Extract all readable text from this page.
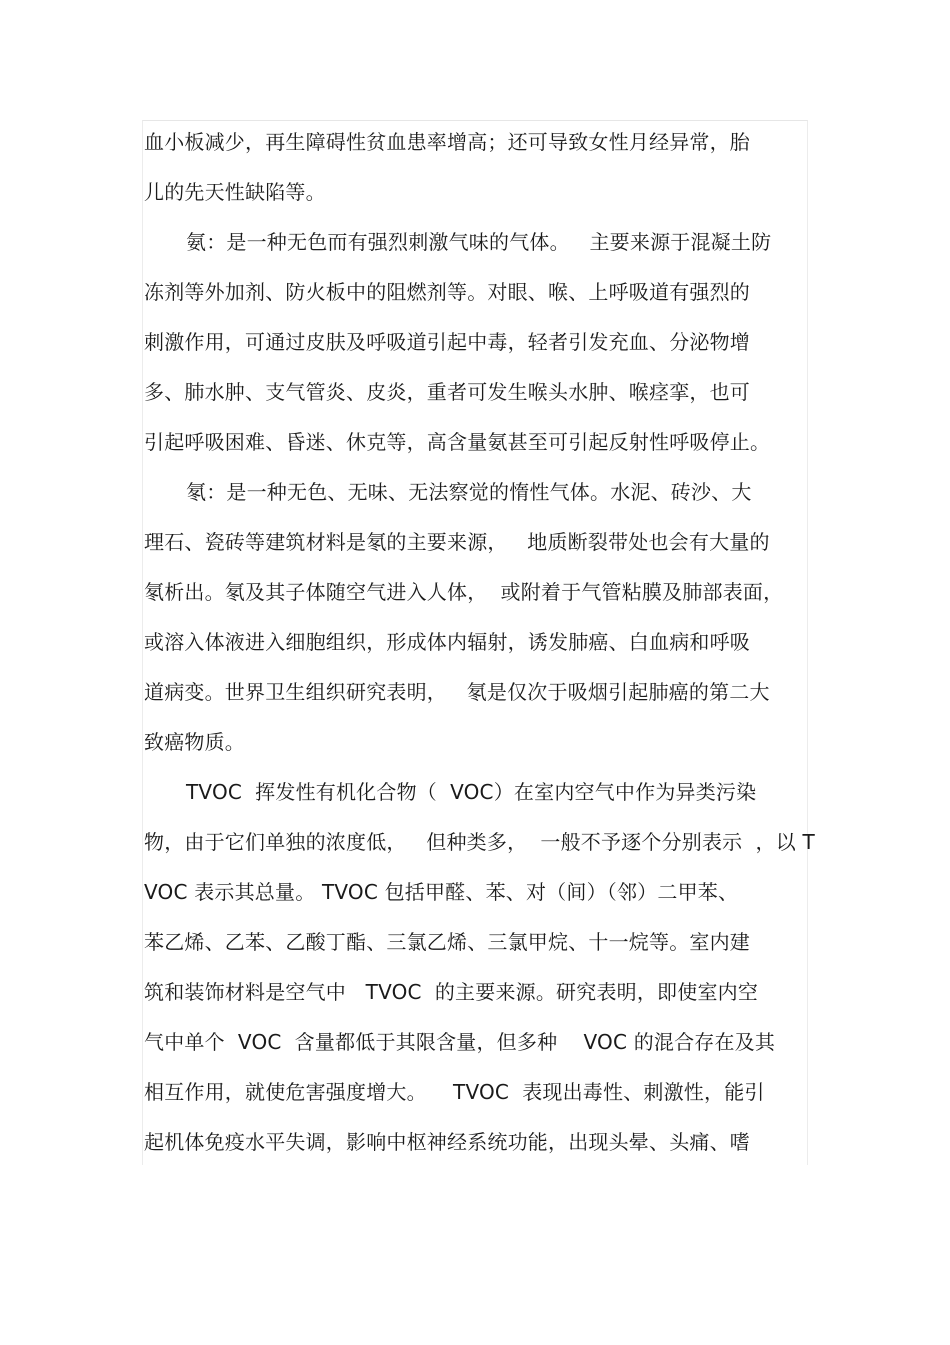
血小板减少，再生障碍性贫血患率增高；还可导致女性月经异常，胎
儿的先天性缺陷等。
氨：是一种无色而有强烈刺激气味的气体。   主要来源于混凝土防
冻剂等外加剂、防火板中的阻燃剂等。对眼、喉、上呼吸道有强烈的
刺激作用，可通过皮肤及呼吸道引起中毒，轻者引发充血、分泌物增
多、肺水肿、支气管炎、皮炎，重者可发生喉头水肿、喉痉挛，也可
引起呼吸困难、昏迷、休克等，高含量氨甚至可引起反射性呼吸停止。
氡：是一种无色、无味、无法察觉的惰性气体。水泥、砖沙、大
理石、瓷砖等建筑材料是氡的主要来源，   地质断裂带处也会有大量的
氡析出。氡及其子体随空气进入人体，  或附着于气管粘膜及肺部表面，
或溶入体液进入细胞组织，形成体内辐射，诱发肺癌、白血病和呼吸
道病变。世界卫生组织研究表明，   氡是仅次于吸烟引起肺癌的第二大
致癌物质。
TVOC  挥发性有机化合物（  VOC）在室内空气中作为异类污染
物，由于它们单独的浓度低，   但种类多，  一般不予逐个分别表示  ，以 T
VOC 表示其总量。 TVOC 包括甲醛、苯、对（间）（邻）二甲苯、
苯乙烯、乙苯、乙酸丁酯、三氯乙烯、三氯甲烷、十一烷等。室内建
筑和装饰材料是空气中   TVOC  的主要来源。研究表明，即使室内空
气中单个  VOC  含量都低于其限含量，但多种    VOC 的混合存在及其
相互作用，就使危害强度增大。    TVOC  表现出毒性、刺激性，能引
起机体免疫水平失调，影响中枢神经系统功能，出现头晕、头痛、嗜
